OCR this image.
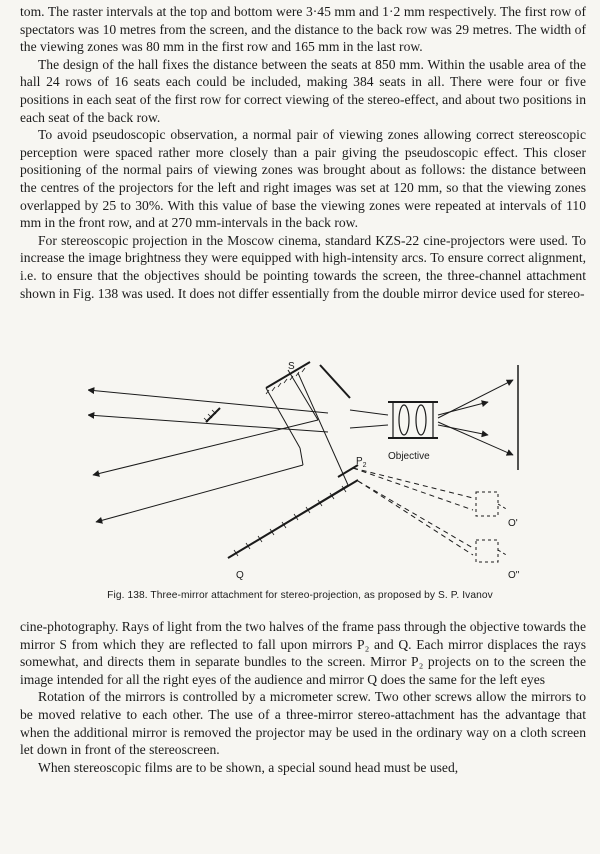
tom. The raster intervals at the top and bottom were 3·45 mm and 1·2 mm respectively. The first row of spectators was 10 metres from the screen, and the distance to the back row was 29 metres. The width of the viewing zones was 80 mm in the first row and 165 mm in the last row.

The design of the hall fixes the distance between the seats at 850 mm. Within the usable area of the hall 24 rows of 16 seats each could be included, making 384 seats in all. There were four or five positions in each seat of the first row for correct viewing of the stereo-effect, and about two positions in each seat of the back row.

To avoid pseudoscopic observation, a normal pair of viewing zones allowing correct stereoscopic perception were spaced rather more closely than a pair giving the pseudoscopic effect. This closer positioning of the normal pairs of viewing zones was brought about as follows: the distance between the centres of the projectors for the left and right images was set at 120 mm, so that the viewing zones overlapped by 25 to 30%. With this value of base the viewing zones were repeated at intervals of 110 mm in the front row, and at 270 mm-intervals in the back row.

For stereoscopic projection in the Moscow cinema, standard KZS-22 cine-projectors were used. To increase the image brightness they were equipped with high-intensity arcs. To ensure correct alignment, i.e. to ensure that the objectives should be pointing towards the screen, the three-channel attachment shown in Fig. 138 was used. It does not differ essentially from the double mirror device used for stereo-

S
Objective
$P_2$
Q
O'
O"
Fig. 138. Three-mirror attachment for stereo-projection, as proposed by S. P. Ivanov

cine-photography. Rays of light from the two halves of the frame pass through the objective towards the mirror S from which they are reflected to fall upon mirrors P₂ and Q. Each mirror displaces the rays somewhat, and directs them in separate bundles to the screen. Mirror P₂ projects on to the screen the image intended for all the right eyes of the audience and mirror Q does the same for the left eyes

Rotation of the mirrors is controlled by a micrometer screw. Two other screws allow the mirrors to be moved relative to each other. The use of a three-mirror stereo-attachment has the advantage that when the additional mirror is removed the projector may be used in the ordinary way on a cloth screen let down in front of the stereoscreen.

When stereoscopic films are to be shown, a special sound head must be used,
